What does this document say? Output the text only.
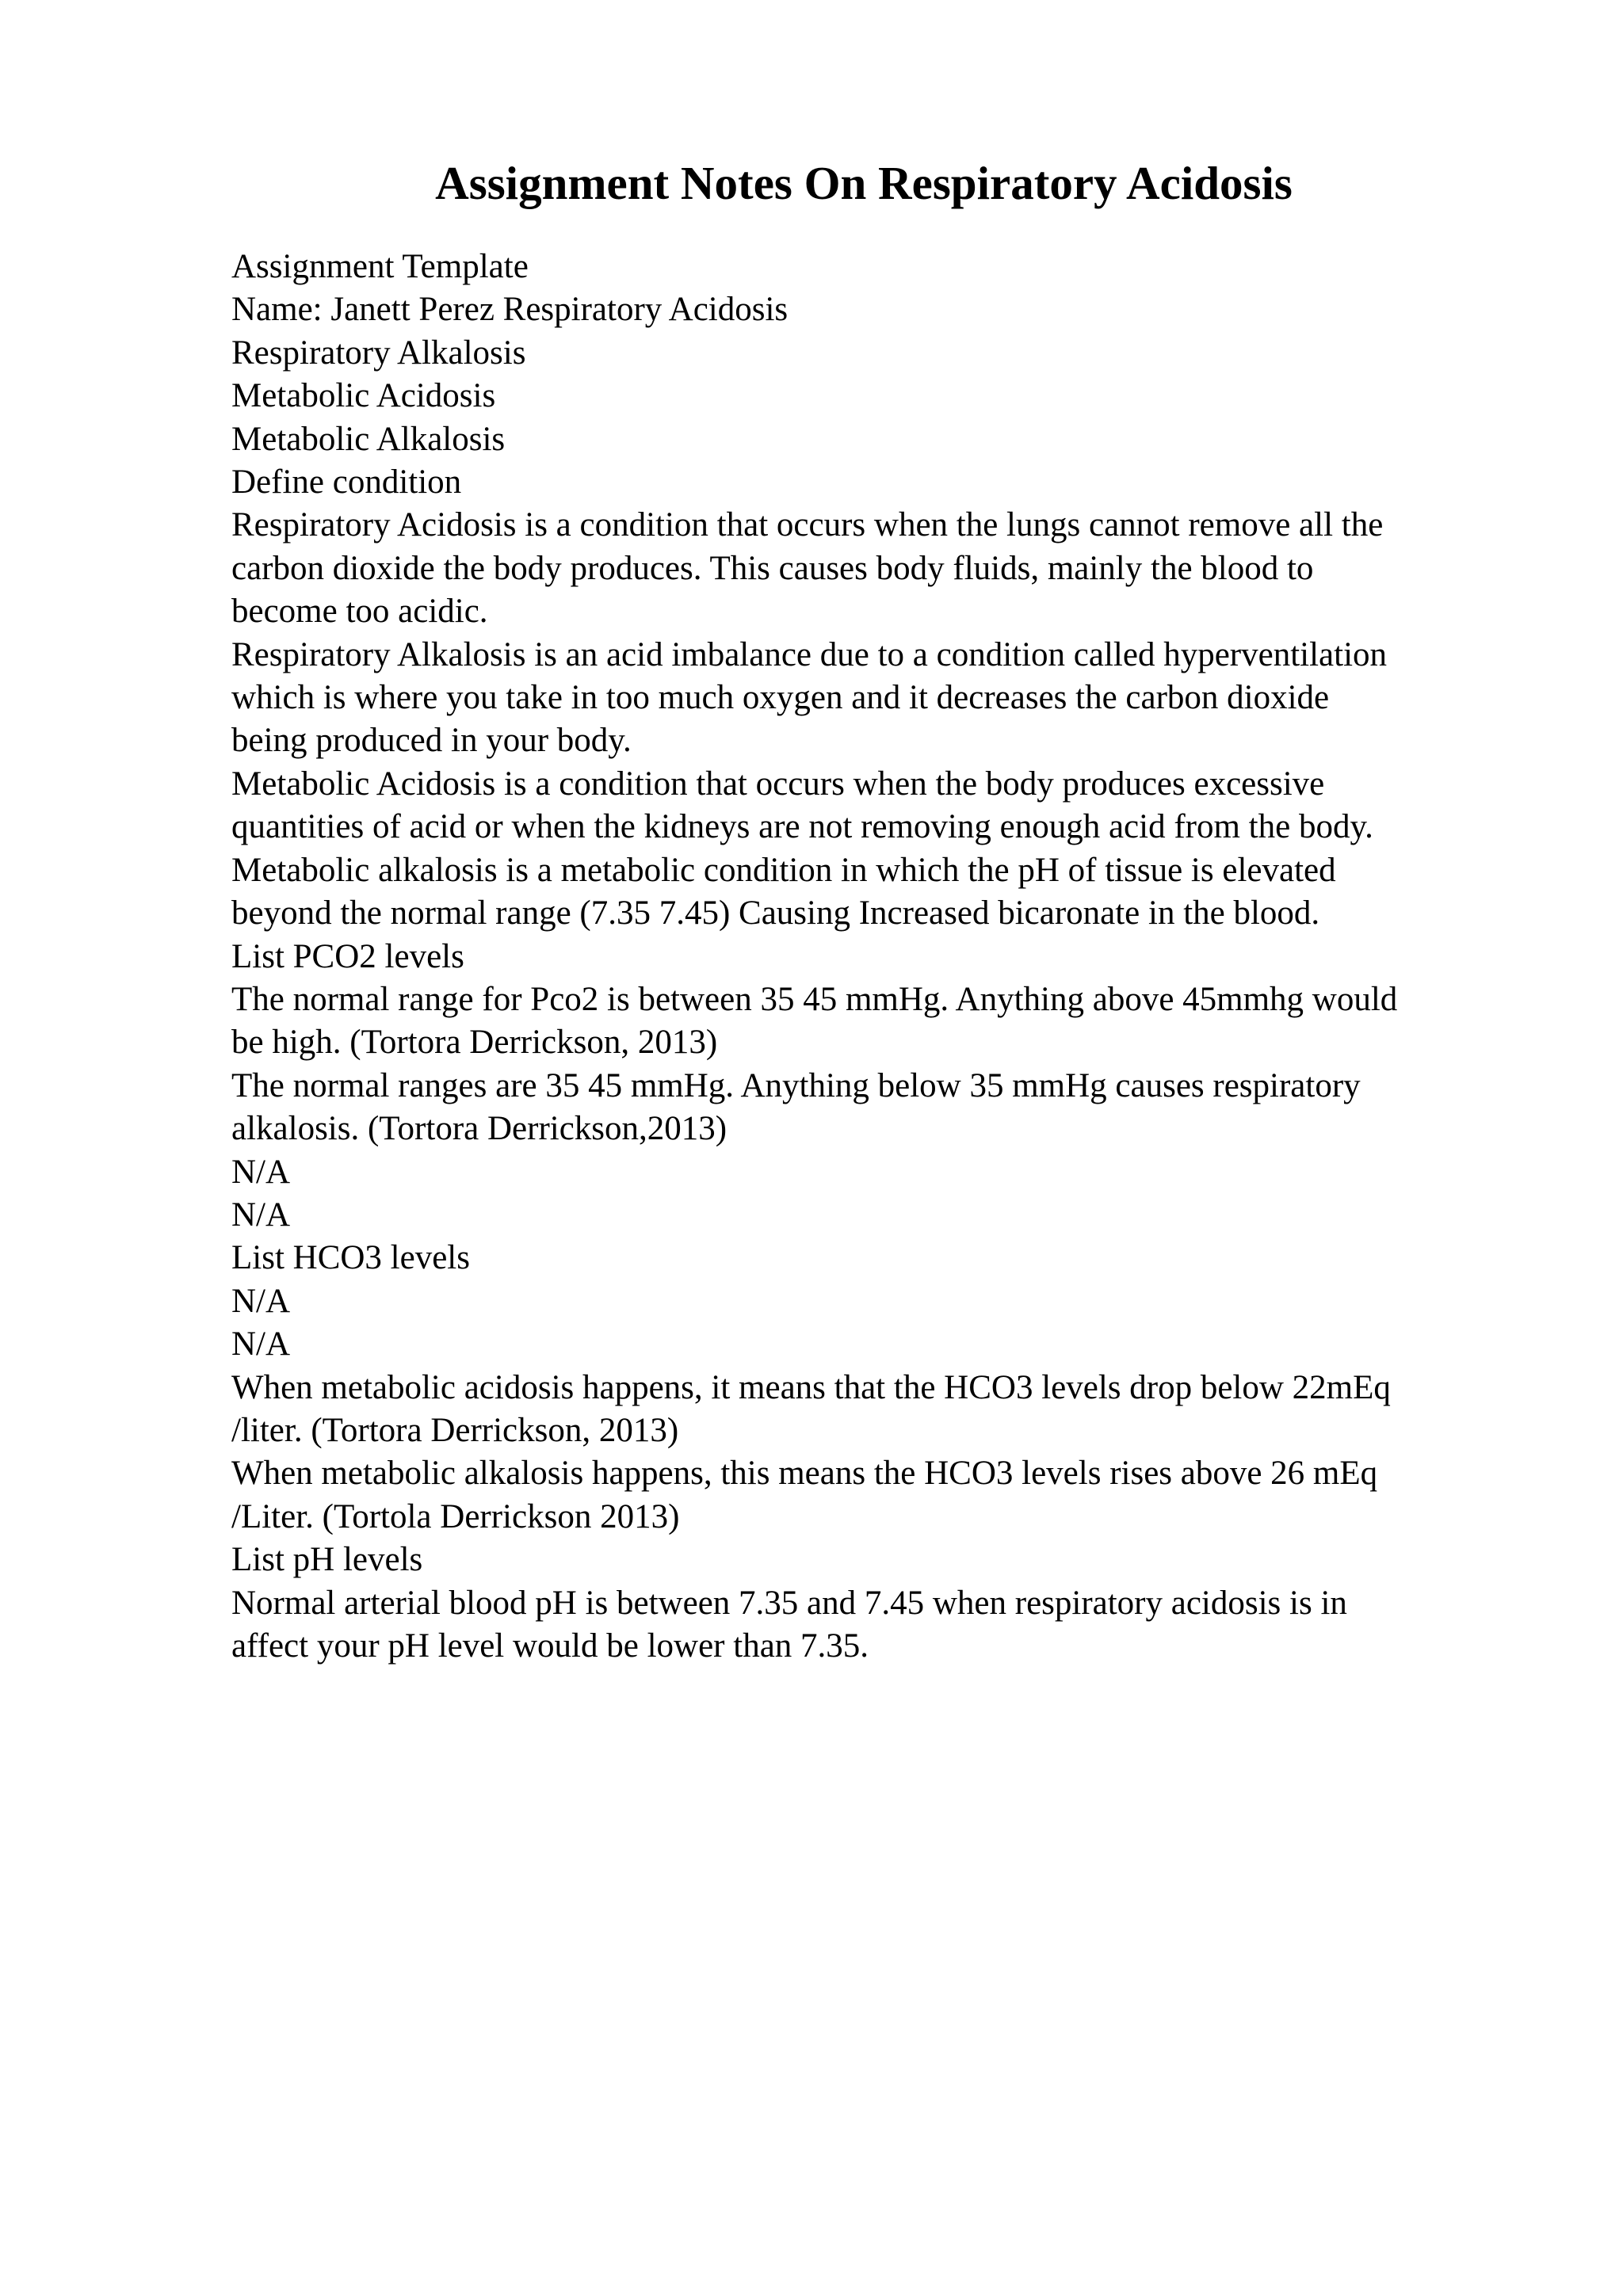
Assignment Notes On Respiratory Acidosis
Assignment Template
Name: Janett Perez Respiratory Acidosis
Respiratory Alkalosis
Metabolic Acidosis
Metabolic Alkalosis
Define condition
Respiratory Acidosis is a condition that occurs when the lungs cannot remove all the
carbon dioxide the body produces. This causes body fluids, mainly the blood to
become too acidic.
Respiratory Alkalosis is an acid imbalance due to a condition called hyperventilation
which is where you take in too much oxygen and it decreases the carbon dioxide
being produced in your body.
Metabolic Acidosis is a condition that occurs when the body produces excessive
quantities of acid or when the kidneys are not removing enough acid from the body.
Metabolic alkalosis is a metabolic condition in which the pH of tissue is elevated
beyond the normal range (7.35 7.45) Causing Increased bicaronate in the blood.
List PCO2 levels
The normal range for Pco2 is between 35 45 mmHg. Anything above 45mmhg would
be high. (Tortora Derrickson, 2013)
The normal ranges are 35 45 mmHg. Anything below 35 mmHg causes respiratory
alkalosis. (Tortora Derrickson,2013)
N/A
N/A
List HCO3 levels
N/A
N/A
When metabolic acidosis happens, it means that the HCO3 levels drop below 22mEq
/liter. (Tortora Derrickson, 2013)
When metabolic alkalosis happens, this means the HCO3 levels rises above 26 mEq
/Liter. (Tortola Derrickson 2013)
List pH levels
Normal arterial blood pH is between 7.35 and 7.45 when respiratory acidosis is in
affect your pH level would be lower than 7.35.
